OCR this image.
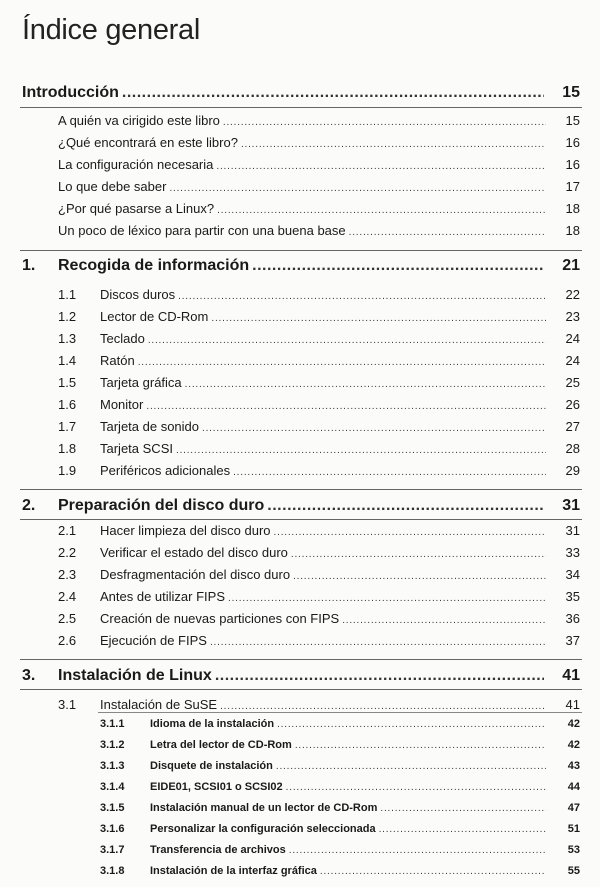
Índice general
Introducción .....	15
A quién va cirigido este libro .....	15
¿Qué encontrará en este libro? .....	16
La configuración necesaria .....	16
Lo que debe saber .....	17
¿Por qué pasarse a Linux? .....	18
Un poco de léxico para partir con una buena base .....	18
1.	Recogida de información .....	21
1.1	Discos duros .....	22
1.2	Lector de CD-Rom .....	23
1.3	Teclado .....	24
1.4	Ratón .....	24
1.5	Tarjeta gráfica .....	25
1.6	Monitor .....	26
1.7	Tarjeta de sonido .....	27
1.8	Tarjeta SCSI .....	28
1.9	Periféricos adicionales .....	29
2.	Preparación del disco duro .....	31
2.1	Hacer limpieza del disco duro .....	31
2.2	Verificar el estado del disco duro .....	33
2.3	Desfragmentación del disco duro .....	34
2.4	Antes de utilizar FIPS .....	35
2.5	Creación de nuevas particiones con FIPS .....	36
2.6	Ejecución de FIPS .....	37
3.	Instalación de Linux .....	41
3.1	Instalación de SuSE .....	41
3.1.1	Idioma de la instalación .....	42
3.1.2	Letra del lector de CD-Rom .....	42
3.1.3	Disquete de instalación .....	43
3.1.4	EIDE01, SCSI01 o SCSI02 .....	44
3.1.5	Instalación manual de un lector de CD-Rom .....	47
3.1.6	Personalizar la configuración seleccionada .....	51
3.1.7	Transferencia de archivos .....	53
3.1.8	Instalación de la interfaz gráfica .....	55
